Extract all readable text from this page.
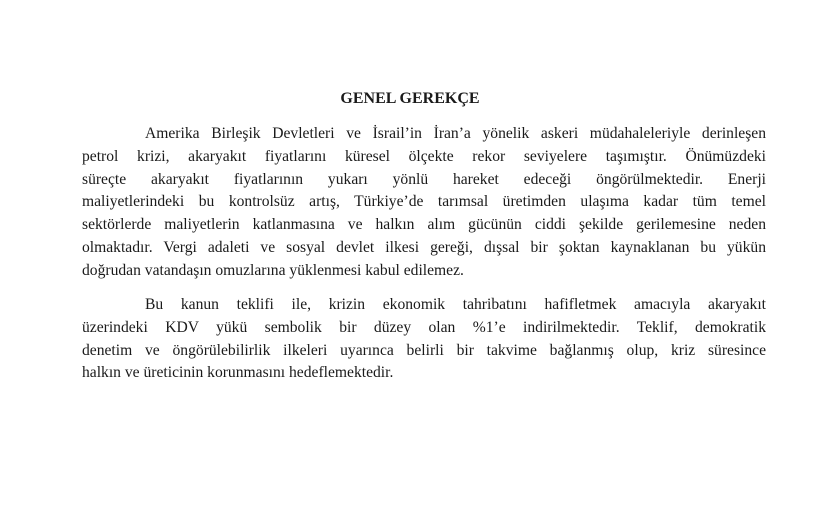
GENEL GEREKÇE
Amerika Birleşik Devletleri ve İsrail’in İran’a yönelik askeri müdahaleleriyle derinleşen
petrol krizi, akaryakıt fiyatlarını küresel ölçekte rekor seviyelere taşımıştır. Önümüzdeki
süreçte akaryakıt fiyatlarının yukarı yönlü hareket edeceği öngörülmektedir. Enerji
maliyetlerindeki bu kontrolsüz artış, Türkiye’de tarımsal üretimden ulaşıma kadar tüm temel
sektörlerde maliyetlerin katlanmasına ve halkın alım gücünün ciddi şekilde gerilemesine neden
olmaktadır. Vergi adaleti ve sosyal devlet ilkesi gereği, dışsal bir şoktan kaynaklanan bu yükün
doğrudan vatandaşın omuzlarına yüklenmesi kabul edilemez.
Bu kanun teklifi ile, krizin ekonomik tahribatını hafifletmek amacıyla akaryakıt
üzerindeki KDV yükü sembolik bir düzey olan %1’e indirilmektedir. Teklif, demokratik
denetim ve öngörülebilirlik ilkeleri uyarınca belirli bir takvime bağlanmış olup, kriz süresince
halkın ve üreticinin korunmasını hedeflemektedir.
